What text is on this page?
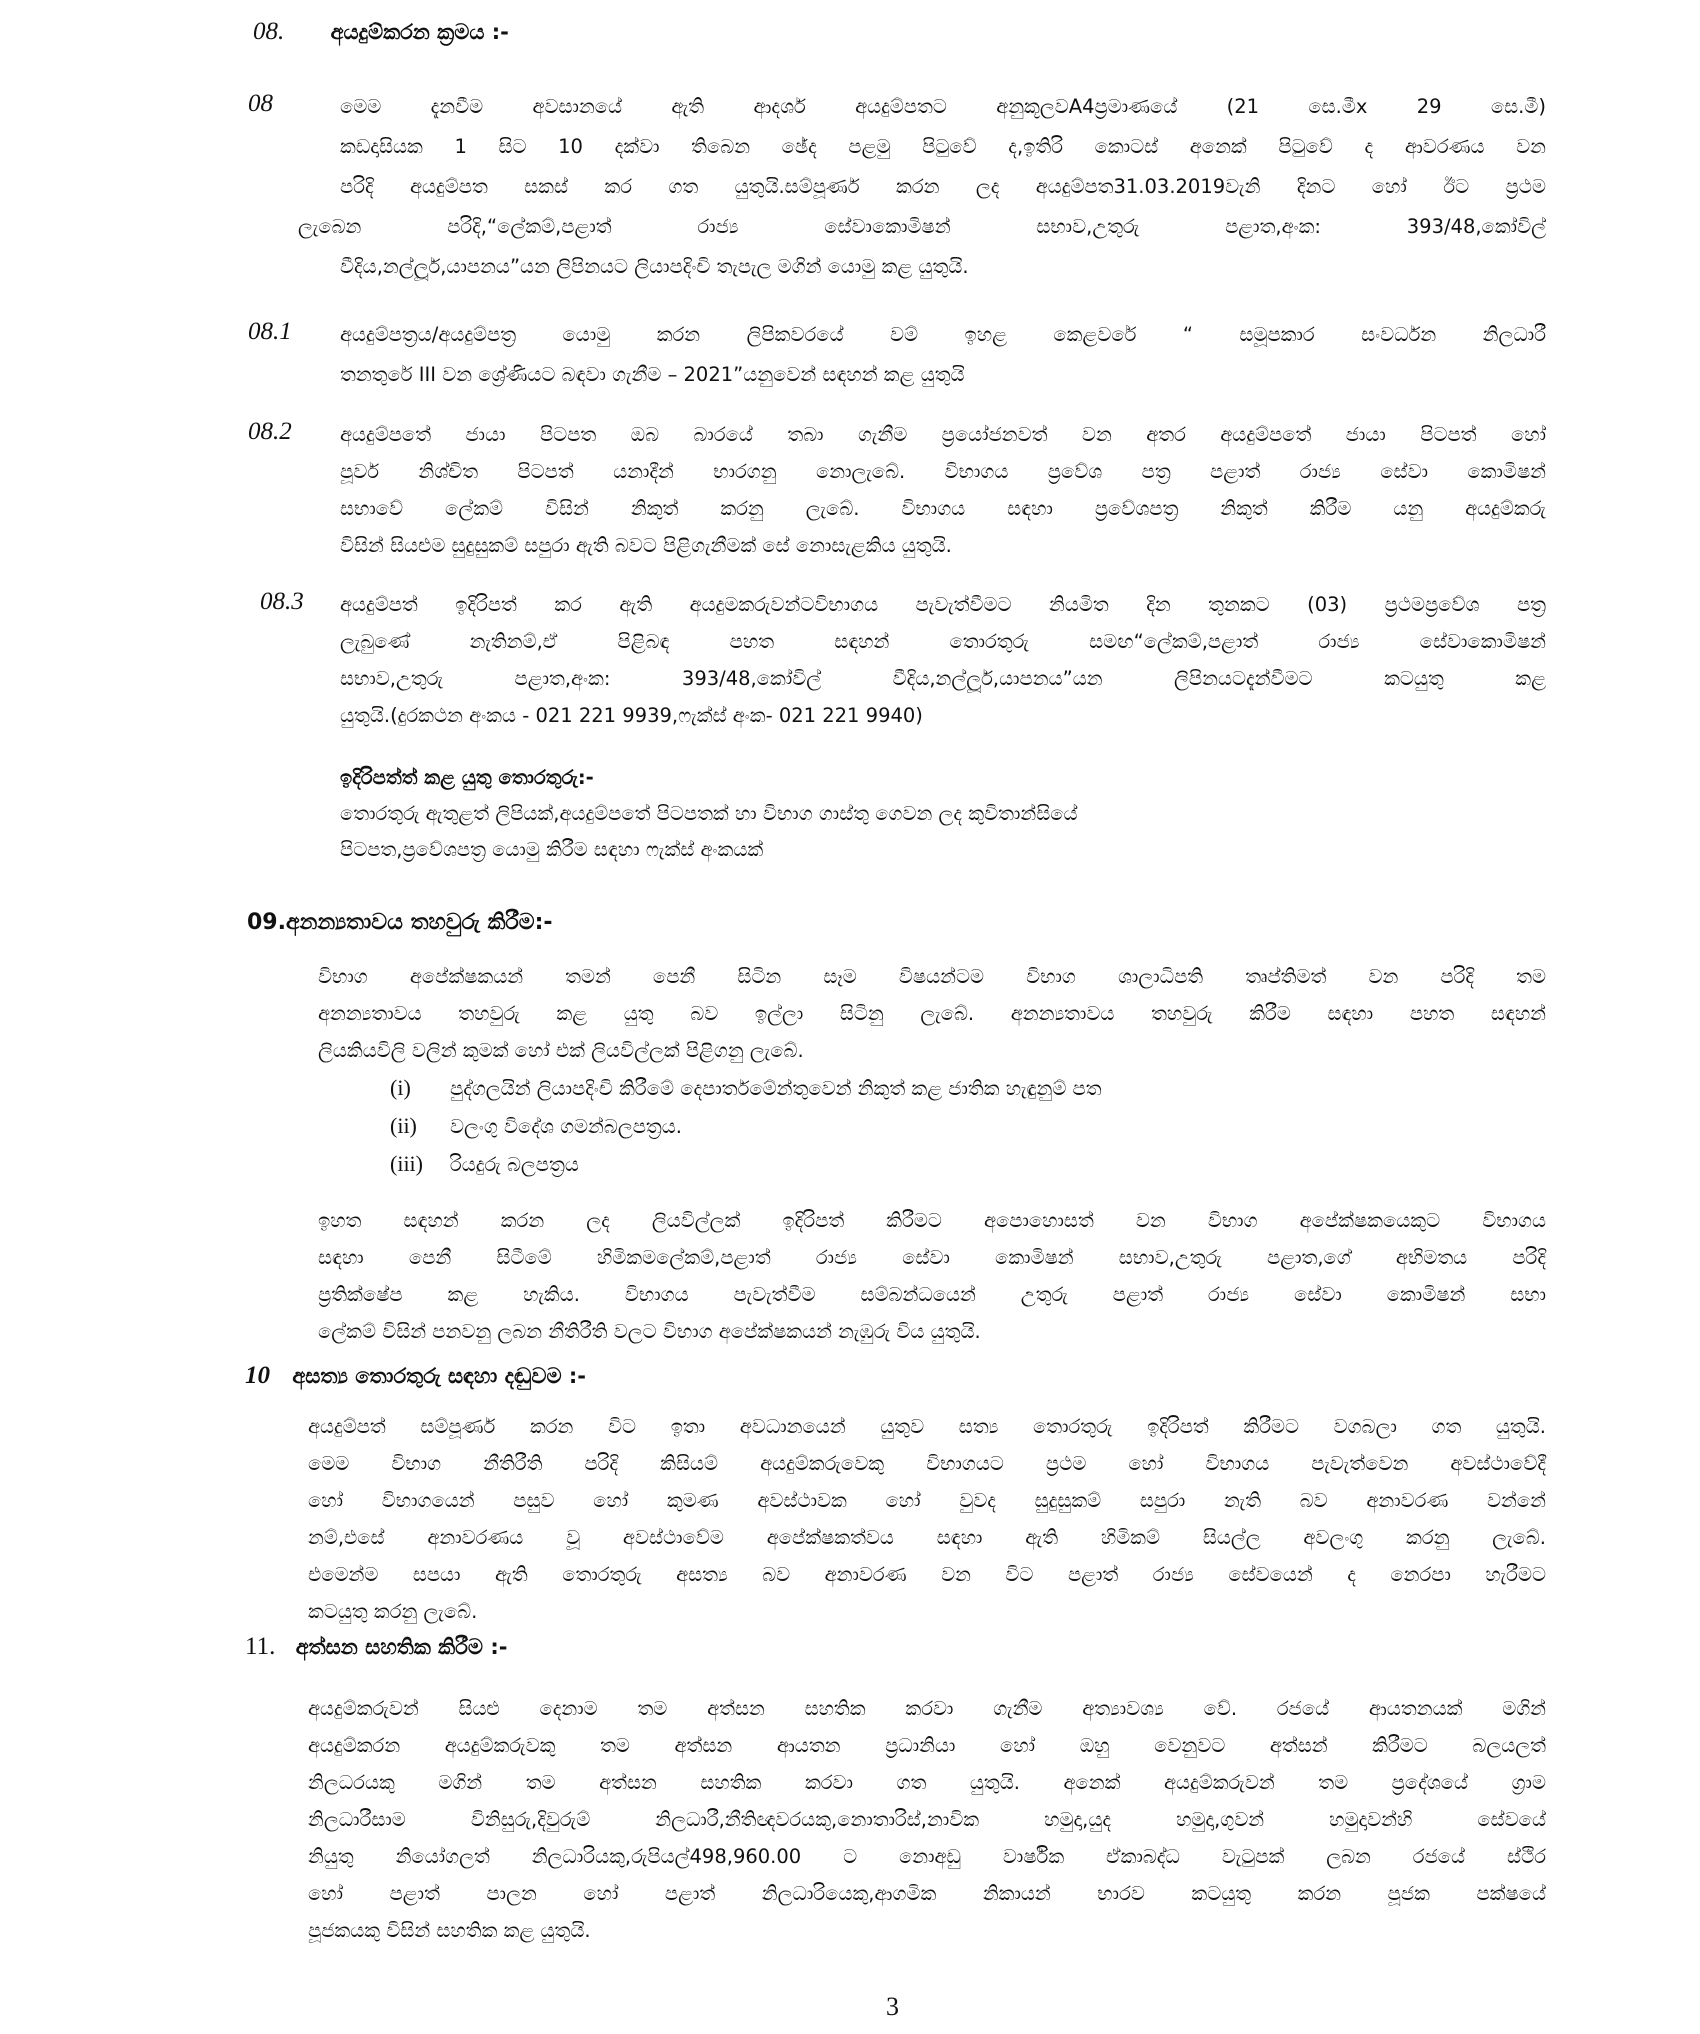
08. අයදුම්කරන ක්‍රමය :-
08	මෙම දැනවීම අවසානයේ ඇති ආදර්ශ අයදුම්පතට අනුකූලවA4ප්‍රමාණයේ (21 සෙ.මීx 29 සෙ.මී)
කඩදාසියක 1 සිට 10 දක්වා තිබෙන ඡේද පළමු පිටුවේ ද,ඉතිරි කොටස් අනෙක් පිටුවේ ද ආවරණය වන
පරිදි අයදුම්පත සකස් කර ගත යුතුයි.සම්පූර්ණ කරන ලද අයදුම්පත31.03.2019වැනි දිනට හෝ ඊට ප්‍රථම
ලැබෙන පරිදි,“ලේකම්,පළාත් රාජ්‍ය සේවාකොමිෂන් සභාව,උතුරු පළාත,අංක: 393/48,කෝවිල්
වීදිය,නල්ලූර්,යාපනය”යන ලිපිනයට ලියාපදිංචි තැපැල මගින් යොමු කළ යුතුයි.
08.1 අයදුම්පත්‍රය/අයදුම්පත්‍ර යොමු කරන ලිපිකවරයේ වම් ඉහළ කෙළවරේ “ සමූපකාර සංවර්ධන නිලධාරී
තනතුරේ III වන ශ්‍රේණියට බඳවා ගැනීම – 2021”යනුවෙන් සඳහන් කළ යුතුයි
08.2 අයදුම්පතේ ජායා පිටපත ඔබ බාරයේ තබා ගැනීම ප්‍රයෝජනවත් වන අතර අයදුම්පතේ ජායා පිටපත් හෝ
පූර්ව නිශ්චිත පිටපත් යනාදීන් භාරගනු නොලැබේ. විභාගය ප්‍රවේශ පත්‍ර පළාත් රාජ්‍ය සේවා කොමිෂන්
සභාවේ ලේකම් විසින් නිකුත් කරනු ලැබේ. විභාගය සඳහා ප්‍රවේශපත්‍ර නිකුත් කිරීම යනු අයදුම්කරු
විසින් සියළුම සුදුසුකම් සපුරා ඇති බවට පිළිගැනීමක් සේ නොසැළකිය යුතුයි.
08.3 අයදුම්පත් ඉදිරිපත් කර ඇති අයදුමකරුවන්ටවිභාගය පැවැත්වීමට නියමිත දින තුනකට (03) ප්‍රථමප්‍රවේශ පත්‍ර
ලැබුණේ නැතිනම්,ඒ පිළිබඳ පහත සඳහන් තොරතුරු සමඟ“ලේකම්,පළාත් රාජ්‍ය සේවාකොමිෂන්
සභාව,උතුරු පළාත,අංක: 393/48,කෝවිල් වීදිය,නල්ලූර්,යාපනය”යන ලිපිනයටදැන්වීමට කටයුතු කළ
යුතුයි.(දුරකථන අංකය - 021 221 9939,ෆැක්ස් අංක- 021 221 9940)
ඉදිරිපත්ත් කළ යුතු තොරතුරු:-
තොරතුරු ඇතුළත් ලිපියක්,අයදුම්පතේ පිටපතක් හා විභාග ගාස්තු ගෙවන ලද කුවිතාන්සියේ
පිටපත,ප්‍රවේශපත්‍ර යොමු කිරීම සඳහා ෆැක්ස් අංකයක්
09.අනන්‍යතාවය තහවුරු කිරීම:-
විභාග අපේක්ෂකයන් තමන් පෙනී සිටින සෑම විෂයන්ටම විභාග ශාලාධිපති තෘප්තිමත් වන පරිදි තම
අනන්‍යතාවය තහවුරු කළ යුතු බව ඉල්ලා සිටිනු ලැබේ. අනන්‍යතාවය තහවුරු කිරීම සඳහා පහත සඳහන්
ලියකියවිලි වලින් කුමක් හෝ එක් ලියවිල්ලක් පිළිගනු ලැබේ.
(i) පුද්ගලයින් ලියාපදිංචි කිරීමේ දෙපාර්තමේන්තුවෙන් නිකුත් කළ ජාතික හැඳුනුම් පත
(ii) වලංගු විදේශ ගමන්බලපත්‍රය.
(iii) රියදුරු බලපත්‍රය
ඉහත සඳහන් කරන ලද ලියවිල්ලක් ඉදිරිපත් කිරීමට අපොහොසත් වන විභාග අපේක්ෂකයෙකුට විභාගය
සඳහා පෙනී සිටීමේ හිමිකමලේකම්,පළාත් රාජ්‍ය සේවා කොමිෂන් සභාව,උතුරු පළාත,ගේ අභිමතය පරිදි
ප්‍රතික්ෂේප කළ හැකිය. විභාගය පැවැත්වීම සම්බන්ධයෙන් උතුරු පළාත් රාජ්‍ය සේවා කොමිෂන් සභා
ලේකම් විසින් පනවනු ලබන නීතිරීති වලට විභාග අපේක්ෂකයන් නැඹුරු විය යුතුයි.
10 අසත්‍ය තොරතුරු සඳහා දඬුවම :-
අයදුම්පත් සම්පූර්ණ කරන විට ඉතා අවධානයෙන් යුතුව සත්‍ය තොරතුරු ඉදිරිපත් කිරීමට වගබලා ගත යුතුයි.
මෙම විභාග නීතිරීති පරිදි කිසියම් අයදුම්කරුවෙකු විභාගයට ප්‍රථම හෝ විභාගය පැවැත්වෙන අවස්ථාවේදී
හෝ විභාගයෙන් පසුව හෝ කුමණ අවස්ථාවක හෝ වුවද සුදුසුකම් සපුරා නැති බව අනාවරණ වන්නේ
නම්,එසේ අනාවරණය වූ අවස්ථාවේම අපේක්ෂකත්වය සඳහා ඇති හිමිකම් සියල්ල අවලංගු කරනු ලැබේ.
එමෙන්ම සපයා ඇති තොරතුරු අසත්‍ය බව අනාවරණ වන විට පළාත් රාජ්‍ය සේවයෙන් ද නෙරපා හැරීමට
කටයුතු කරනු ලැබේ.
11. අත්සන සහතික කිරීම :-
අයදුම්කරුවන් සියළු දෙනාම තම අත්සන සහතික කරවා ගැනීම අත්‍යාවශ්‍ය වේ. රජයේ ආයතනයක් මගින්
අයදුම්කරන අයදුම්කරුවකු තම අත්සන ආයතන ප්‍රධානියා හෝ ඔහු වෙනුවට අත්සන් කිරීමට බලයලත්
නිලධරයකු මගින් තම අත්සන සහතික කරවා ගත යුතුයි. අනෙක් අයදුම්කරුවන් තම ප්‍රදේශයේ ග්‍රාම
නිලධාරීසාම විනිසුරු,දිවුරුම් නිලධාරී,නීතිඥවරයකු,නොතාරිස්,නාවික හමුදා,යුද හමුදා,ගුවන් හමුදාවන්හි සේවයේ
නියුතු නියෝගලත් නිලධාරියකු,රුපියල්498,960.00 ට නොඅඩු වාර්ෂික ඒකාබද්ධ වැටුපක් ලබන රජයේ ස්ථිර
හෝ පළාත් පාලන හෝ පළාත් නිලධාරියෙකු,ආගමික නිකායන් භාරව කටයුතු කරන පූජක පක්ෂයේ
පූජකයකු විසින් සහතික කළ යුතුයි.
3
